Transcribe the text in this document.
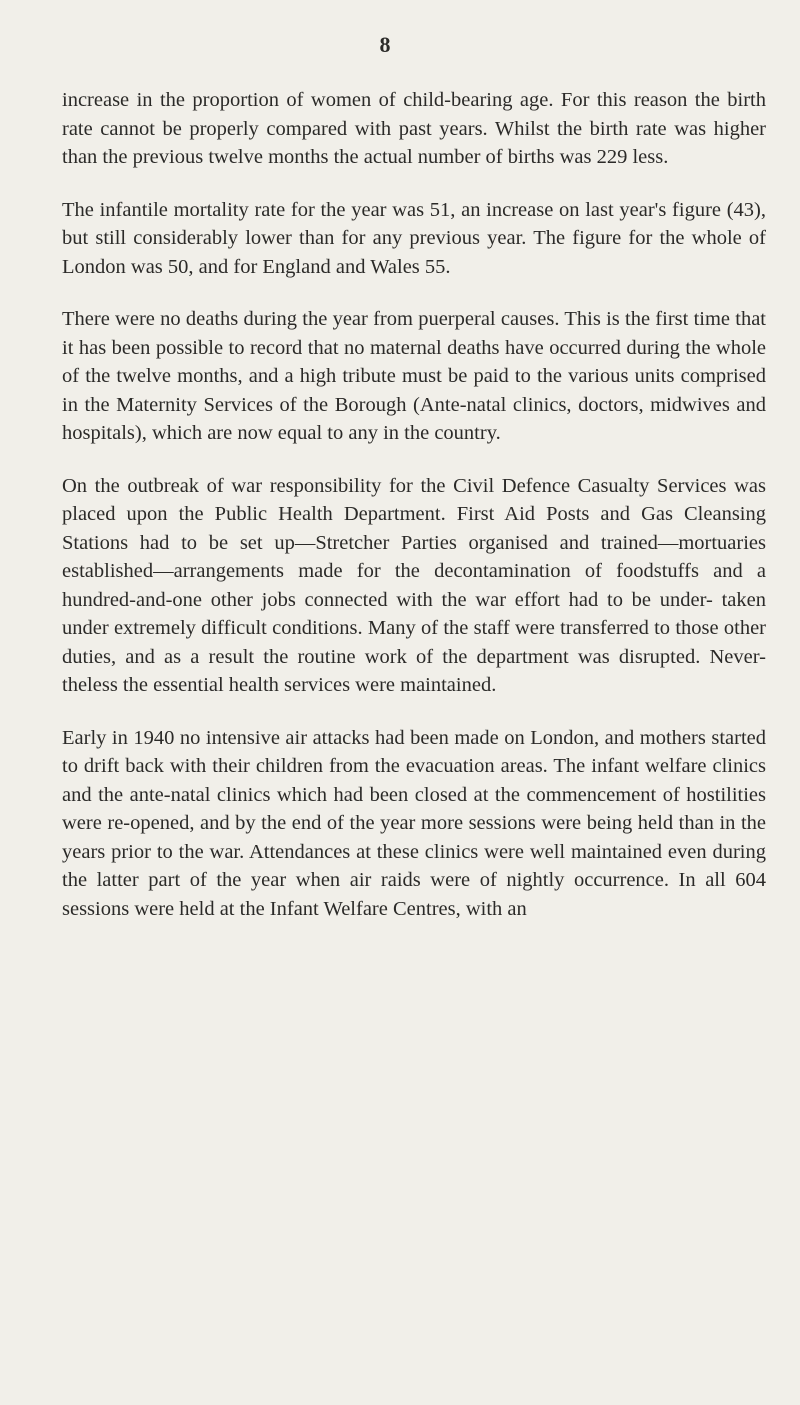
8

increase in the proportion of women of child-bearing age. For this reason the birth rate cannot be properly compared with past years. Whilst the birth rate was higher than the previous twelve months the actual number of births was 229 less.

The infantile mortality rate for the year was 51, an increase on last year's figure (43), but still considerably lower than for any previous year. The figure for the whole of London was 50, and for England and Wales 55.

There were no deaths during the year from puerperal causes. This is the first time that it has been possible to record that no maternal deaths have occurred during the whole of the twelve months, and a high tribute must be paid to the various units comprised in the Maternity Services of the Borough (Ante-natal clinics, doctors, midwives and hospitals), which are now equal to any in the country.

On the outbreak of war responsibility for the Civil Defence Casualty Services was placed upon the Public Health Department. First Aid Posts and Gas Cleansing Stations had to be set up—Stretcher Parties organised and trained—mortuaries established—arrangements made for the decontamination of foodstuffs and a hundred-and-one other jobs connected with the war effort had to be under- taken under extremely difficult conditions. Many of the staff were transferred to those other duties, and as a result the routine work of the department was disrupted. Never- theless the essential health services were maintained.

Early in 1940 no intensive air attacks had been made on London, and mothers started to drift back with their children from the evacuation areas. The infant welfare clinics and the ante-natal clinics which had been closed at the commencement of hostilities were re-opened, and by the end of the year more sessions were being held than in the years prior to the war. Attendances at these clinics were well maintained even during the latter part of the year when air raids were of nightly occurrence. In all 604 sessions were held at the Infant Welfare Centres, with an
